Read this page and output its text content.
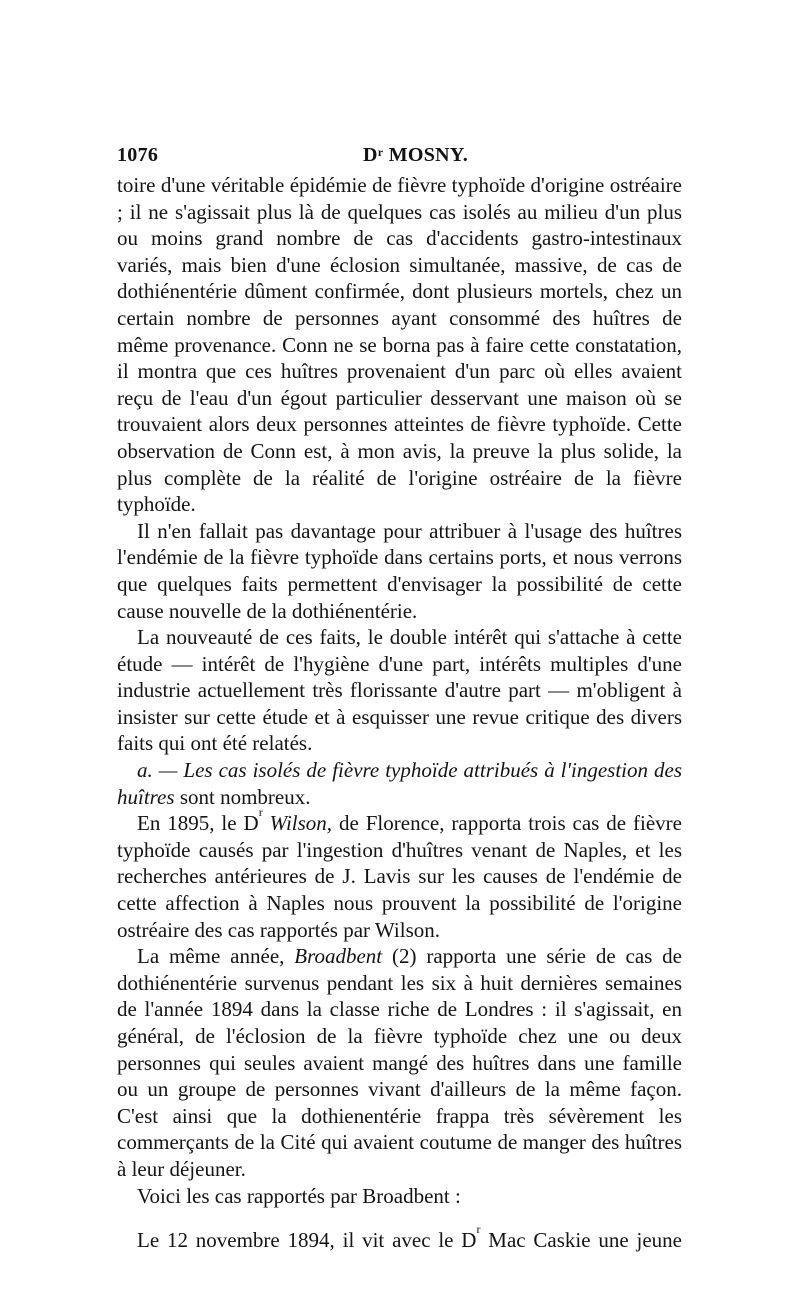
1076	$D^r$ MOSNY.

toire d'une véritable épidémie de fièvre typhoïde d'origine ostréaire ; il ne s'agissait plus là de quelques cas isolés au milieu d'un plus ou moins grand nombre de cas d'accidents gastro-intestinaux variés, mais bien d'une éclosion simultanée, massive, de cas de dothiénentérie dûment confirmée, dont plusieurs mortels, chez un certain nombre de personnes ayant consommé des huîtres de même provenance. Conn ne se borna pas à faire cette constatation, il montra que ces huîtres provenaient d'un parc où elles avaient reçu de l'eau d'un égout particulier desservant une maison où se trouvaient alors deux personnes atteintes de fièvre typhoïde. Cette observation de Conn est, à mon avis, la preuve la plus solide, la plus complète de la réalité de l'origine ostréaire de la fièvre typhoïde.

Il n'en fallait pas davantage pour attribuer à l'usage des huîtres l'endémie de la fièvre typhoïde dans certains ports, et nous verrons que quelques faits permettent d'envisager la possibilité de cette cause nouvelle de la dothiénentérie.

La nouveauté de ces faits, le double intérêt qui s'attache à cette étude — intérêt de l'hygiène d'une part, intérêts multiples d'une industrie actuellement très florissante d'autre part — m'obligent à insister sur cette étude et à esquisser une revue critique des divers faits qui ont été relatés.

a. — Les cas isolés de fièvre typhoïde attribués à l'ingestion des huîtres sont nombreux.

En 1895, le $D^r$ Wilson, de Florence, rapporta trois cas de fièvre typhoïde causés par l'ingestion d'huîtres venant de Naples, et les recherches antérieures de J. Lavis sur les causes de l'endémie de cette affection à Naples nous prouvent la possibilité de l'origine ostréaire des cas rapportés par Wilson.

La même année, Broadbent (2) rapporta une série de cas de dothiénentérie survenus pendant les six à huit dernières semaines de l'année 1894 dans la classe riche de Londres : il s'agissait, en général, de l'éclosion de la fièvre typhoïde chez une ou deux personnes qui seules avaient mangé des huîtres dans une famille ou un groupe de personnes vivant d'ailleurs de la même façon. C'est ainsi que la dothienentérie frappa très sévèrement les commerçants de la Cité qui avaient coutume de manger des huîtres à leur déjeuner.

Voici les cas rapportés par Broadbent :

Le 12 novembre 1894, il vit avec le $D^r$ Mac Caskie une jeune
